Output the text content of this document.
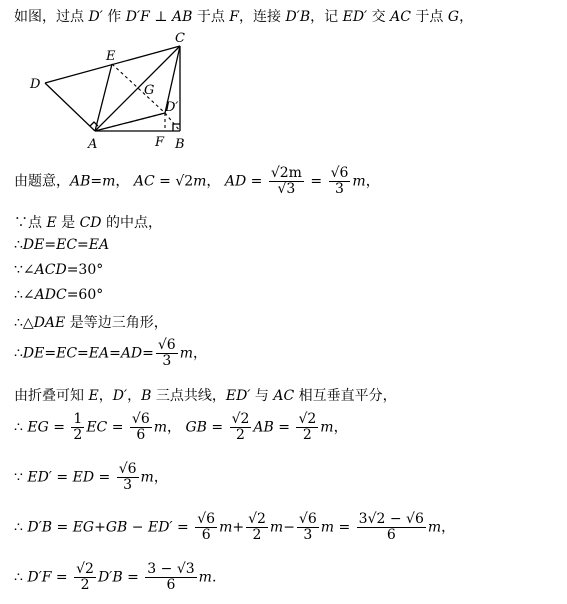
如图，过点 D′ 作 D′F ⊥ AB 于点 F，连接 D′B，记 ED′ 交 AC 于点 G，
D
E
C
G
D′
A	F B
由题意，AB=m， AC = √2m， AD = $\frac{√2m}{√3} = \frac{√6}{3}$ m，
∵点 E 是 CD 的中点，
∴DE=EC=EA
∵∠ACD=30°
∴∠ADC=60°
∴△DAE 是等边三角形，
∴DE=EC=EA=AD= $\frac{√6}{3}$ m，
由折叠可知 E，D′，B 三点共线，ED′ 与 AC 相互垂直平分，
∴ EG = $\frac{1}{2}$ EC = $\frac{√6}{6}$ m， GB = $\frac{√2}{2}$ AB = $\frac{√2}{2}$ m，
∵ ED′ = ED = $\frac{√6}{3}$ m，
∴ $D'B = EG+GB - ED' = \frac{√6}{6} m+ \frac{√2}{2} m- \frac{√6}{3}$ $m = \frac{3√2 - √6}{6}$ m，
∴ $D'F = \frac{√2}{2} D'B = \frac{3 - √3}{6} m$.
